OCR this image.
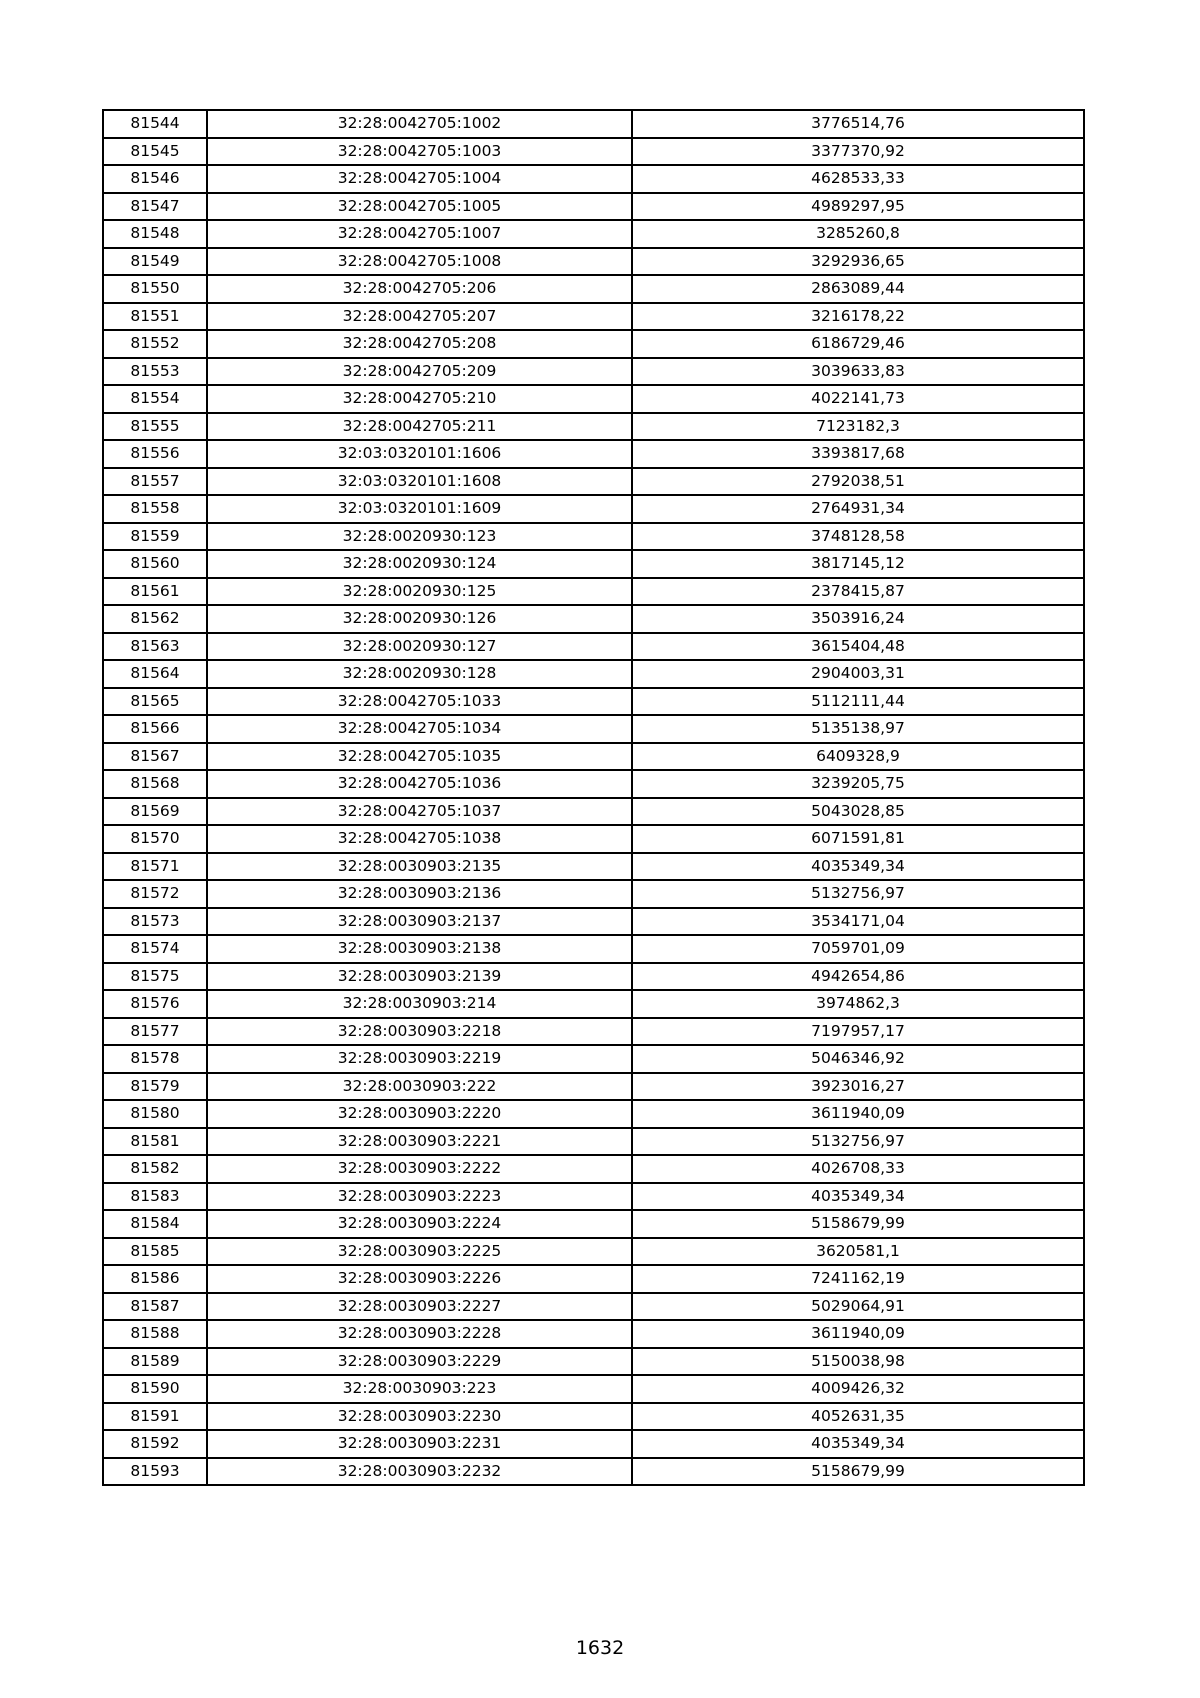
81544	32:28:0042705:1002	3776514,76
81545	32:28:0042705:1003	3377370,92
81546	32:28:0042705:1004	4628533,33
81547	32:28:0042705:1005	4989297,95
81548	32:28:0042705:1007	3285260,8
81549	32:28:0042705:1008	3292936,65
81550	32:28:0042705:206	2863089,44
81551	32:28:0042705:207	3216178,22
81552	32:28:0042705:208	6186729,46
81553	32:28:0042705:209	3039633,83
81554	32:28:0042705:210	4022141,73
81555	32:28:0042705:211	7123182,3
81556	32:03:0320101:1606	3393817,68
81557	32:03:0320101:1608	2792038,51
81558	32:03:0320101:1609	2764931,34
81559	32:28:0020930:123	3748128,58
81560	32:28:0020930:124	3817145,12
81561	32:28:0020930:125	2378415,87
81562	32:28:0020930:126	3503916,24
81563	32:28:0020930:127	3615404,48
81564	32:28:0020930:128	2904003,31
81565	32:28:0042705:1033	5112111,44
81566	32:28:0042705:1034	5135138,97
81567	32:28:0042705:1035	6409328,9
81568	32:28:0042705:1036	3239205,75
81569	32:28:0042705:1037	5043028,85
81570	32:28:0042705:1038	6071591,81
81571	32:28:0030903:2135	4035349,34
81572	32:28:0030903:2136	5132756,97
81573	32:28:0030903:2137	3534171,04
81574	32:28:0030903:2138	7059701,09
81575	32:28:0030903:2139	4942654,86
81576	32:28:0030903:214	3974862,3
81577	32:28:0030903:2218	7197957,17
81578	32:28:0030903:2219	5046346,92
81579	32:28:0030903:222	3923016,27
81580	32:28:0030903:2220	3611940,09
81581	32:28:0030903:2221	5132756,97
81582	32:28:0030903:2222	4026708,33
81583	32:28:0030903:2223	4035349,34
81584	32:28:0030903:2224	5158679,99
81585	32:28:0030903:2225	3620581,1
81586	32:28:0030903:2226	7241162,19
81587	32:28:0030903:2227	5029064,91
81588	32:28:0030903:2228	3611940,09
81589	32:28:0030903:2229	5150038,98
81590	32:28:0030903:223	4009426,32
81591	32:28:0030903:2230	4052631,35
81592	32:28:0030903:2231	4035349,34
81593	32:28:0030903:2232	5158679,99
1632
